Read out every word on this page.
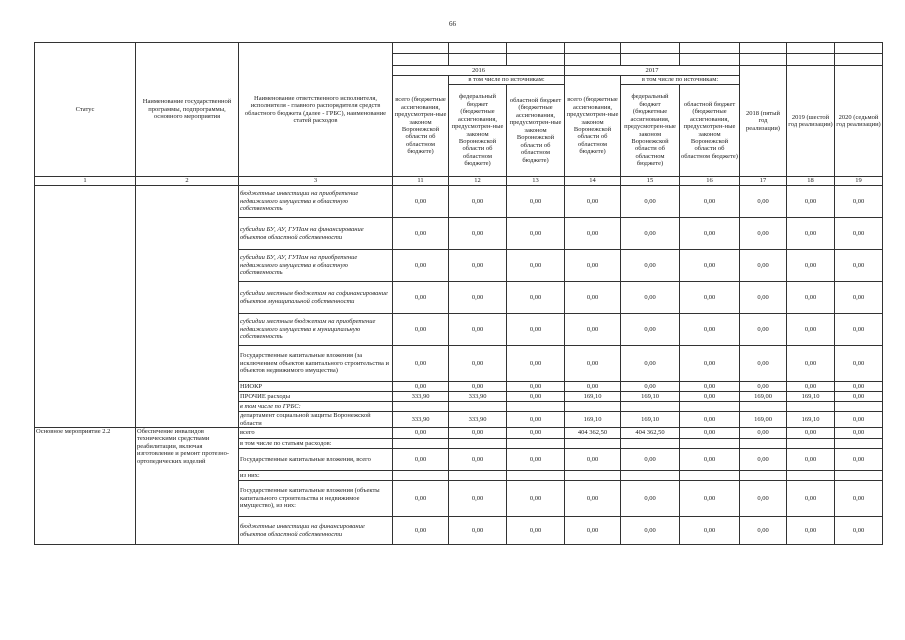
66
Статус	Наименование государственной программы, подпрограммы, основного мероприятия	Наименование ответственного исполнителя, исполнителя - главного распорядителя средств областного бюджета (далее - ГРБС), наименование статей расходов									

			2016			2017			2018 (пятый год реализации)	2019 (шестой год реализации)	2020 (седьмой год реализации)
			всего (бюджетные ассигнования, предусмотрен-ные законом Воронежской области об областном бюджете)	в том числе по источникам:		всего (бюджетные ассигнования, предусмотрен-ные законом Воронежской области об областном бюджете)	в том числе по источникам:				
				федеральный бюджет (бюджетные ассигнования, предусмотрен-ные законом Воронежской области об областном бюджете)	областной бюджет (бюджетные ассигнования, предусмотрен-ные законом Воронежской области об областном бюджете)		федеральный бюджет (бюджетные ассигнования, предусмотрен-ные законом Воронежской области об областном бюджете)	областной бюджет (бюджетные ассигнования, предусмотрен-ные законом Воронежской области об областном бюджете)			
1	2	3	11	12	13	14	15	16	17	18	19
		бюджетные инвестиции на приобретение недвижимого имущества в областную собственность	0,00	0,00	0,00	0,00	0,00	0,00	0,00	0,00	0,00
		субсидии БУ, АУ, ГУПам на финансирование объектов областной собственности	0,00	0,00	0,00	0,00	0,00	0,00	0,00	0,00	0,00
		субсидии БУ, АУ, ГУПам на приобретение недвижимого имущества в областную собственность	0,00	0,00	0,00	0,00	0,00	0,00	0,00	0,00	0,00
		субсидии местным бюджетам на софинансирование объектов муниципальной собственности	0,00	0,00	0,00	0,00	0,00	0,00	0,00	0,00	0,00
		субсидии местным бюджетам на приобретение недвижимого имущества в муниципальную собственность	0,00	0,00	0,00	0,00	0,00	0,00	0,00	0,00	0,00
		Государственные капитальные вложения (за исключением объектов капитального строительства и объектов недвижимого имущества)	0,00	0,00	0,00	0,00	0,00	0,00	0,00	0,00	0,00
		НИОКР	0,00	0,00	0,00	0,00	0,00	0,00	0,00	0,00	0,00
		ПРОЧИЕ расходы	333,90	333,90	0,00	169,10	169,10	0,00	169,00	169,10	0,00
		в том числе по ГРБС:									
		департамент социальной защиты Воронежской области	333,90	333,90	0,00	169,10	169,10	0,00	169,00	169,10	0,00
Основное мероприятие 2.2	Обеспечение инвалидов техническими средствами реабилитации, включая изготовление и ремонт протезно-ортопедических изделий	всего	0,00	0,00	0,00	404 362,50	404 362,50	0,00	0,00	0,00	0,00
		в том числе по статьям расходов:									
		Государственные капитальные вложения, всего	0,00	0,00	0,00	0,00	0,00	0,00	0,00	0,00	0,00
		из них:									
		Государственные капитальные вложения (объекты капитального строительства и недвижимое имущество), из них:	0,00	0,00	0,00	0,00	0,00	0,00	0,00	0,00	0,00
		бюджетные инвестиции на финансирование объектов областной собственности	0,00	0,00	0,00	0,00	0,00	0,00	0,00	0,00	0,00
